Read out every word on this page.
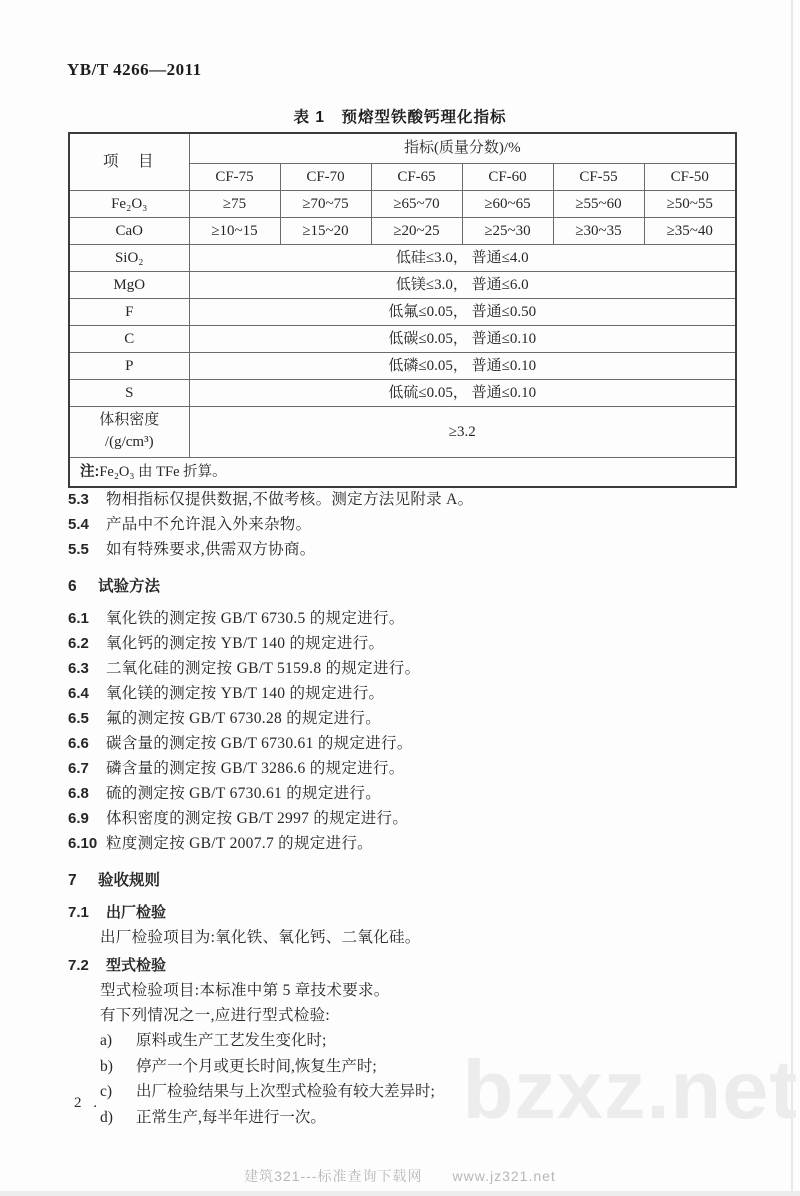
YB/T 4266—2011
表 1　预熔型铁酸钙理化指标
项　目	指标(质量分数)/%					
	CF-75	CF-70	CF-65	CF-60	CF-55	CF-50
Fe₂O₃	≥75	≥70~75	≥65~70	≥60~65	≥55~60	≥50~55
CaO	≥10~15	≥15~20	≥20~25	≥25~30	≥30~35	≥35~40
SiO₂	低硅≤3.0， 普通≤4.0					
MgO	低镁≤3.0， 普通≤6.0					
F	低氟≤0.05， 普通≤0.50					
C	低碳≤0.05， 普通≤0.10					
P	低磷≤0.05， 普通≤0.10					
S	低硫≤0.05， 普通≤0.10					

体积密度
/(g/cm³)	≥3.2					
注:Fe₂O₃ 由 TFe 折算。						
5.3	物相指标仅提供数据,不做考核。测定方法见附录 A。
5.4	产品中不允许混入外来杂物。
5.5	如有特殊要求,供需双方协商。
6	试验方法
6.1	氧化铁的测定按 GB/T 6730.5 的规定进行。
6.2	氧化钙的测定按 YB/T 140 的规定进行。
6.3	二氧化硅的测定按 GB/T 5159.8 的规定进行。
6.4	氧化镁的测定按 YB/T 140 的规定进行。
6.5	氟的测定按 GB/T 6730.28 的规定进行。
6.6	碳含量的测定按 GB/T 6730.61 的规定进行。
6.7	磷含量的测定按 GB/T 3286.6 的规定进行。
6.8	硫的测定按 GB/T 6730.61 的规定进行。
6.9	体积密度的测定按 GB/T 2997 的规定进行。
6.10 粒度测定按 GB/T 2007.7 的规定进行。
7	验收规则
7.1	出厂检验
出厂检验项目为:氧化铁、氧化钙、二氧化硅。
7.2	型式检验
型式检验项目:本标准中第 5 章技术要求。
有下列情况之一,应进行型式检验:
a)	原料或生产工艺发生变化时;
b)	停产一个月或更长时间,恢复生产时;
c)	出厂检验结果与上次型式检验有较大差异时;
d)	正常生产,每半年进行一次。
2 .	bzxz.net
建筑321---标准查询下载网　　www.jz321.net
